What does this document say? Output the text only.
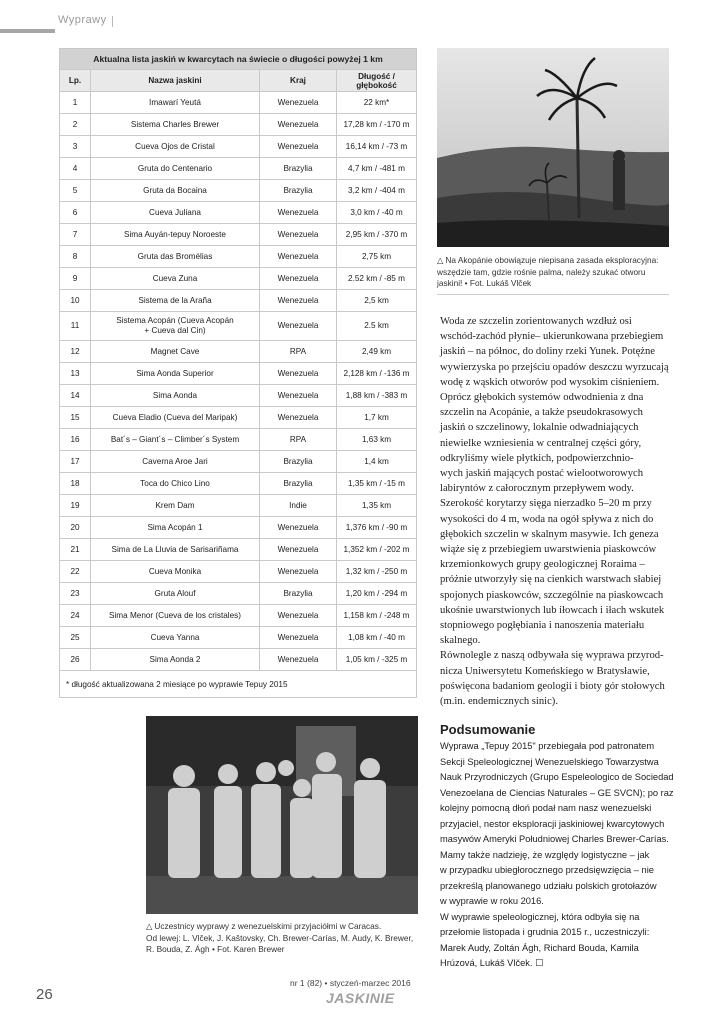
Wyprawy
Aktualna lista jaskiń w kwarcytach na świecie o długości powyżej 1 km			
Lp.	Nazwa jaskini	Kraj	Długość / głębokość
1	Imawarí Yeutá	Wenezuela	22 km*
2	Sistema Charles Brewer	Wenezuela	17,28 km / -170 m
3	Cueva Ojos de Cristal	Wenezuela	16,14 km / -73 m
4	Gruta do Centenario	Brazylia	4,7 km / -481 m
5	Gruta da Bocaina	Brazylia	3,2 km / -404 m
6	Cueva Juliana	Wenezuela	3,0 km / -40 m
7	Sima Auyán-tepuy Noroeste	Wenezuela	2,95 km / -370 m
8	Gruta das Bromélias	Wenezuela	2,75 km
9	Cueva Zuna	Wenezuela	2.52 km / -85 m
10	Sistema de la Araña	Wenezuela	2,5 km
11	Sistema Acopán (Cueva Acopán
+ Cueva dal Cin)	Wenezuela	2.5 km
12	Magnet Cave	RPA	2,49 km
13	Sima Aonda Superior	Wenezuela	2,128 km / -136 m
14	Sima Aonda	Wenezuela	1,88 km / -383 m
15	Cueva Eladio (Cueva del Maripak)	Wenezuela	1,7 km
16	Bat´s – Giant´s – Climber´s System	RPA	1,63 km
17	Caverna Aroe Jari	Brazylia	1,4 km
18	Toca do Chico Lino	Brazylia	1,35 km / -15 m
19	Krem Dam	Indie	1,35 km
20	Sima Acopán 1	Wenezuela	1,376 km / -90 m
21	Sima de La Lluvia de Sarisariñama	Wenezuela	1,352 km / -202 m
22	Cueva Monika	Wenezuela	1,32 km / -250 m
23	Gruta Alouf	Brazylia	1,20 km / -294 m
24	Sima Menor (Cueva de los cristales)	Wenezuela	1,158 km / -248 m
25	Cueva Yanna	Wenezuela	1,08 km / -40 m
26	Sima Aonda 2	Wenezuela	1,05 km / -325 m
* długość aktualizowana 2 miesiące po wyprawie Tepuy 2015			
△ Na Akopánie obowiązuje niepisana zasada eksploracyjna:
wszędzie tam, gdzie rośnie palma, należy szukać otworu
jaskini! • Fot. Lukáš Vlček

Woda ze szczelin zorientowanych wzdłuż osi

wschód-zachód płynie– ukierunkowana przebiegiem

jaskiń – na północ, do doliny rzeki Yunek. Potężne

wywierzyska po przejściu opadów deszczu wyrzucają

wodę z wąskich otworów pod wysokim ciśnieniem.

Oprócz głębokich systemów odwodnienia z dna

szczelin na Acopánie, a także pseudokrasowych

jaskiń o szczelinowy, lokalnie odwadniających

niewielke wzniesienia w centralnej części góry,

odkryliśmy wiele płytkich, podpowierzchnio-

wych jaskiń mających postać wielootworowych

labiryntów z całorocznym przepływem wody.

Szerokość korytarzy sięga nierzadko 5–20 m przy

wysokości do 4 m, woda na ogół spływa z nich do

głębokich szczelin w skalnym masywie. Ich geneza

wiąże się z przebiegiem uwarstwienia piaskowców

krzemionkowych grupy geologicznej Roraima –

próżnie utworzyły się na cienkich warstwach słabiej

spojonych piaskowców, szczególnie na piaskowcach

ukośnie uwarstwionych lub iłowcach i iłach wskutek

stopniowego pogłębiania i nanoszenia materiału

skalnego.

Równolegle z naszą odbywała się wyprawa przyrod-

nicza Uniwersytetu Komeńskiego w Bratysławie,

poświęcona badaniom geologii i bioty gór stołowych

(m.in. endemicznych sinic).

Podsumowanie

Wyprawa „Tepuy 2015" przebiegała pod patronatem

Sekcji Speleologicznej Wenezuelskiego Towarzystwa

Nauk Przyrodniczych (Grupo Espeleologico de Sociedad

Venezoelana de Ciencias Naturales – GE SVCN); po raz

kolejny pomocną dłoń podał nam nasz wenezuelski

przyjaciel, nestor eksploracji jaskiniowej kwarcytowych

masywów Ameryki Południowej Charles Brewer-Carías.

Mamy także nadzieję, że względy logistyczne – jak

w przypadku ubiegłorocznego przedsięwzięcia – nie

przekreślą planowanego udziału polskich grotołazów

w wyprawie w roku 2016.

W wyprawie speleologicznej, która odbyła się na

przełomie listopada i grudnia 2015 r., uczestniczyli:

Marek Audy, Zoltán Ágh, Richard Bouda, Kamila

Hrúzová, Lukáš Vlček. ☐

△ Uczestnicy wyprawy z wenezuelskimi przyjaciółmi w Caracas.
Od lewej: L. Vlček, J. Kaštovsky, Ch. Brewer-Carías, M. Audy, K. Brewer,
R. Bouda, Z. Ágh • Fot. Karen Brewer
26
nr 1 (82) • styczeń-marzec 2016
JASKINIE
